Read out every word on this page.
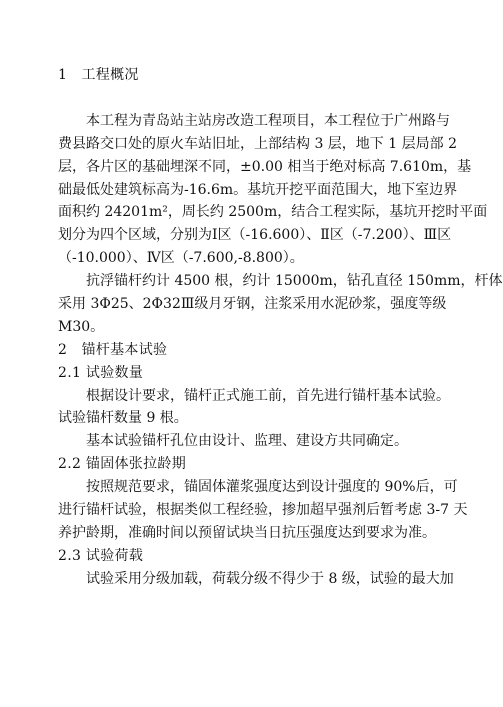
1　工程概况
　　本工程为青岛站主站房改造工程项目，本工程位于广州路与
费县路交口处的原火车站旧址，上部结构 3 层，地下 1 层局部 2
层，各片区的基础埋深不同，±0.00 相当于绝对标高 7.610m，基
础最低处建筑标高为-16.6m。基坑开挖平面范围大，地下室边界
面积约 24201m²，周长约 2500m，结合工程实际，基坑开挖时平面
划分为四个区域，分别为Ⅰ区（-16.600）、Ⅱ区（-7.200）、Ⅲ区
（-10.000）、Ⅳ区（-7.600,-8.800）。
　　抗浮锚杆约计 4500 根，约计 15000m，钻孔直径 150mm，杆体
采用 3Φ25、2Φ32Ⅲ级月牙钢，注浆采用水泥砂浆，强度等级
M30。
2　锚杆基本试验
2.1 试验数量
　　根据设计要求，锚杆正式施工前，首先进行锚杆基本试验。
试验锚杆数量 9 根。
　　基本试验锚杆孔位由设计、监理、建设方共同确定。
2.2 锚固体张拉龄期
　　按照规范要求，锚固体灌浆强度达到设计强度的 90%后，可
进行锚杆试验，根据类似工程经验，掺加超早强剂后暂考虑 3-7 天
养护龄期，准确时间以预留试块当日抗压强度达到要求为准。
2.3 试验荷载
　　试验采用分级加载，荷载分级不得少于 8 级，试验的最大加
